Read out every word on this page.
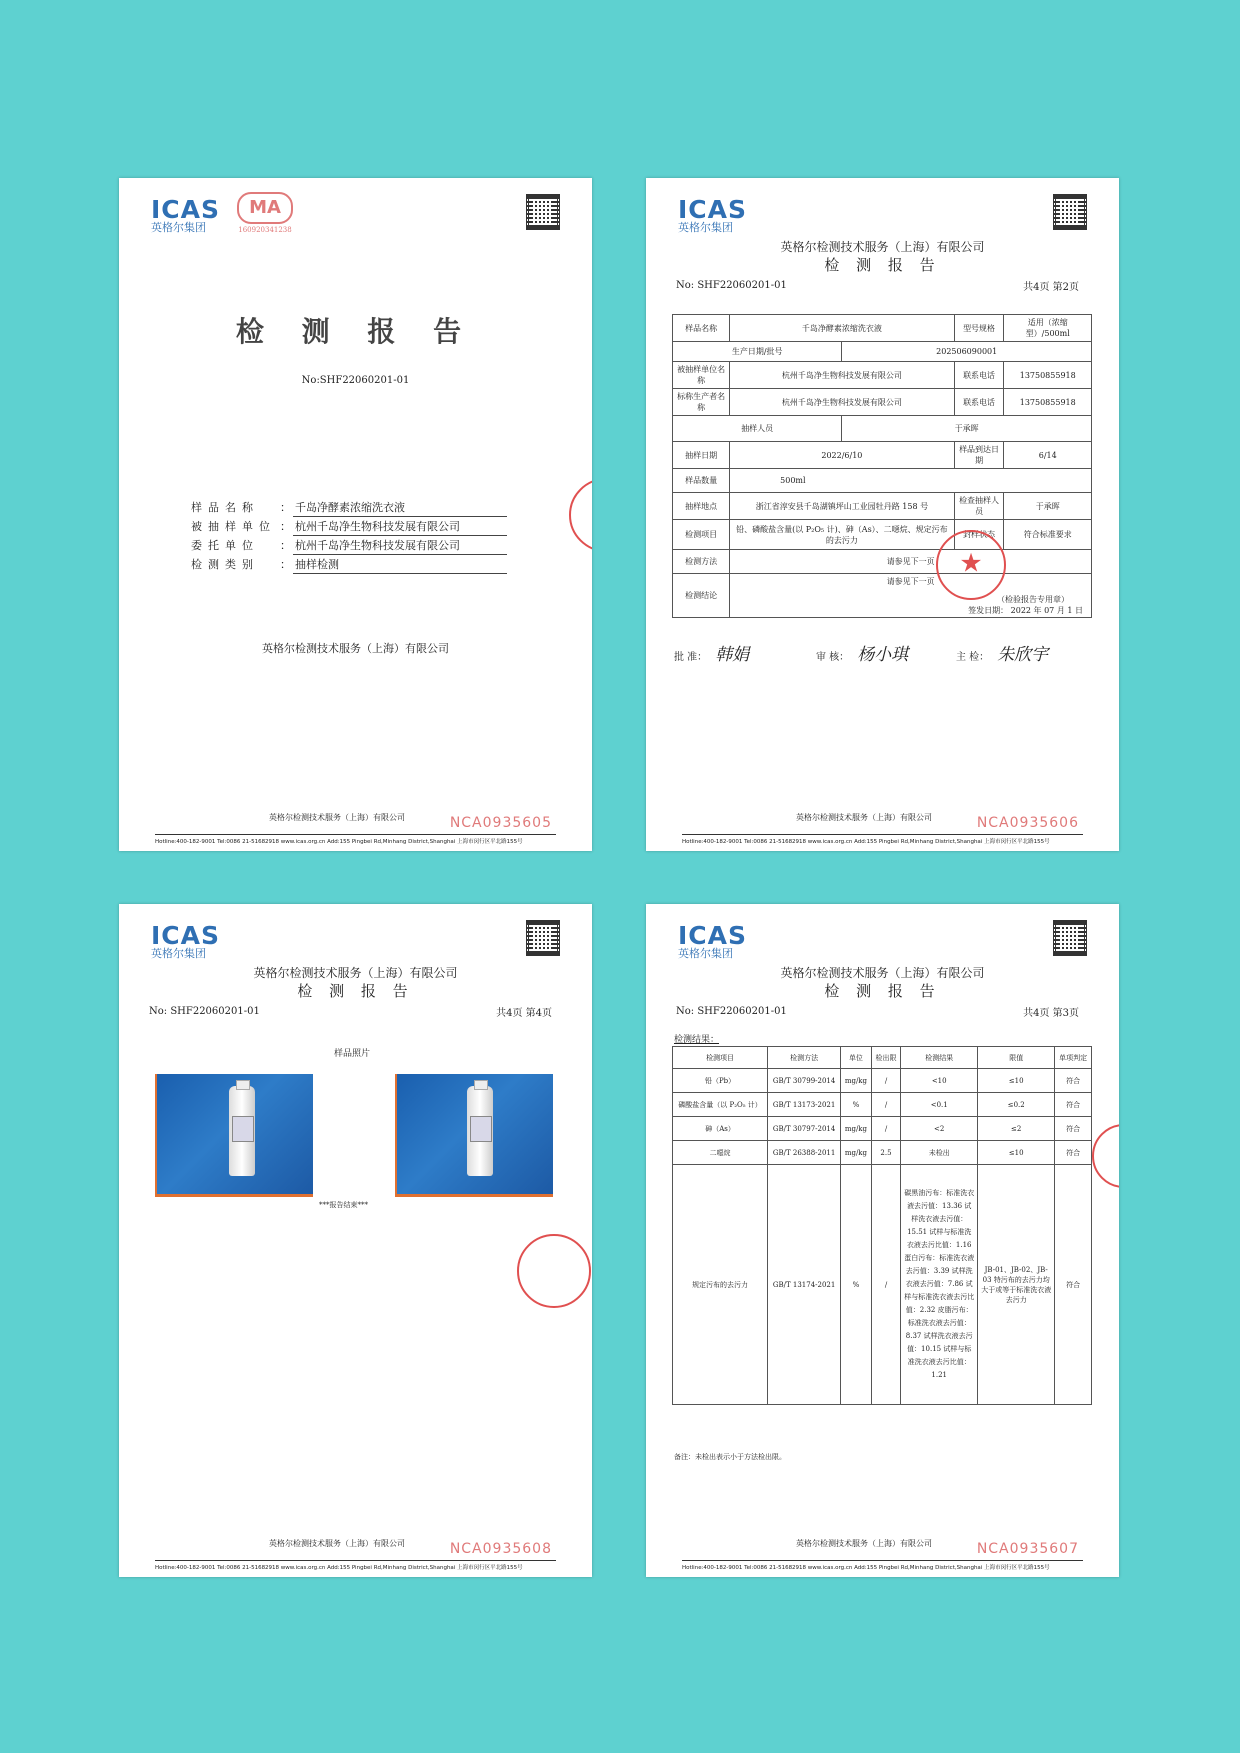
ICAS
英格尔集团
MA
160920341238
检 测 报 告
No:SHF22060201-01
样品名称	：	千岛净酵素浓缩洗衣液
被抽样单位	：	杭州千岛净生物科技发展有限公司
委托单位	：	杭州千岛净生物科技发展有限公司
检测类别	：	抽样检测
英格尔检测技术服务（上海）有限公司
英格尔检测技术服务（上海）有限公司	NCA0935605
Hotline:400-182-9001 Tel:0086 21-51682918 www.icas.org.cn Add:155 Pingbei Rd,Minhang District,Shanghai 上海市闵行区平北路155号
ICAS
英格尔集团
英格尔检测技术服务（上海）有限公司
检 测 报 告
No: SHF22060201-01	共4页 第2页
样品名称	千岛净酵素浓缩洗衣液		型号规格	适用（浓缩型）/500ml
生产日期/批号		202506090001		
被抽样单位名称	杭州千岛净生物科技发展有限公司		联系电话	13750855918
标称生产者名称	杭州千岛净生物科技发展有限公司		联系电话	13750855918
抽样人员		于承晖		
抽样日期	2022/6/10		样品到达日期	6/14
样品数量	500ml			
抽样地点	浙江省淳安县千岛湖镇坪山工业园牡丹路 158 号		检查抽样人员	于承晖
检测项目	铅、磷酸盐含量(以 P₂O₅ 计)、砷（As）、二噁烷、规定污布的去污力		封样状态	符合标准要求
检测方法	请参见下一页			
检测结论	请参见下一页
（检验报告专用章）
签发日期： 2022 年 07 月 1 日			
★
批 准： 韩娟	审 核： 杨小琪	主 检： 朱欣宇
英格尔检测技术服务（上海）有限公司	NCA0935606
Hotline:400-182-9001 Tel:0086 21-51682918 www.icas.org.cn Add:155 Pingbei Rd,Minhang District,Shanghai 上海市闵行区平北路155号
ICAS
英格尔集团
英格尔检测技术服务（上海）有限公司
检 测 报 告
No: SHF22060201-01	共4页 第4页
样品照片
***报告结束***
英格尔检测技术服务（上海）有限公司	NCA0935608
Hotline:400-182-9001 Tel:0086 21-51682918 www.icas.org.cn Add:155 Pingbei Rd,Minhang District,Shanghai 上海市闵行区平北路155号
ICAS
英格尔集团
英格尔检测技术服务（上海）有限公司
检 测 报 告
No: SHF22060201-01	共4页 第3页
检测结果：
检测项目	检测方法	单位	检出限	检测结果	限值	单项判定
铅（Pb）	GB/T 30799-2014	mg/kg	/	<10	≤10	符合
磷酸盐含量（以 P₂O₅ 计）	GB/T 13173-2021	%	/	<0.1	≤0.2	符合
砷（As）	GB/T 30797-2014	mg/kg	/	<2	≤2	符合
二噁烷	GB/T 26388-2011	mg/kg	2.5	未检出	≤10	符合
规定污布的去污力	GB/T 13174-2021	%	/	碳黑油污布：标准洗衣液去污值：13.36 试样洗衣液去污值：15.51 试样与标准洗衣液去污比值：1.16 蛋白污布：标准洗衣液去污值：3.39 试样洗衣液去污值：7.86 试样与标准洗衣液去污比值：2.32 皮脂污布：标准洗衣液去污值：8.37 试样洗衣液去污值：10.15 试样与标准洗衣液去污比值：1.21	JB-01、JB-02、JB-03 特污布的去污力均大于或等于标准洗衣液去污力	符合
备注：未检出表示小于方法检出限。
英格尔检测技术服务（上海）有限公司	NCA0935607
Hotline:400-182-9001 Tel:0086 21-51682918 www.icas.org.cn Add:155 Pingbei Rd,Minhang District,Shanghai 上海市闵行区平北路155号
